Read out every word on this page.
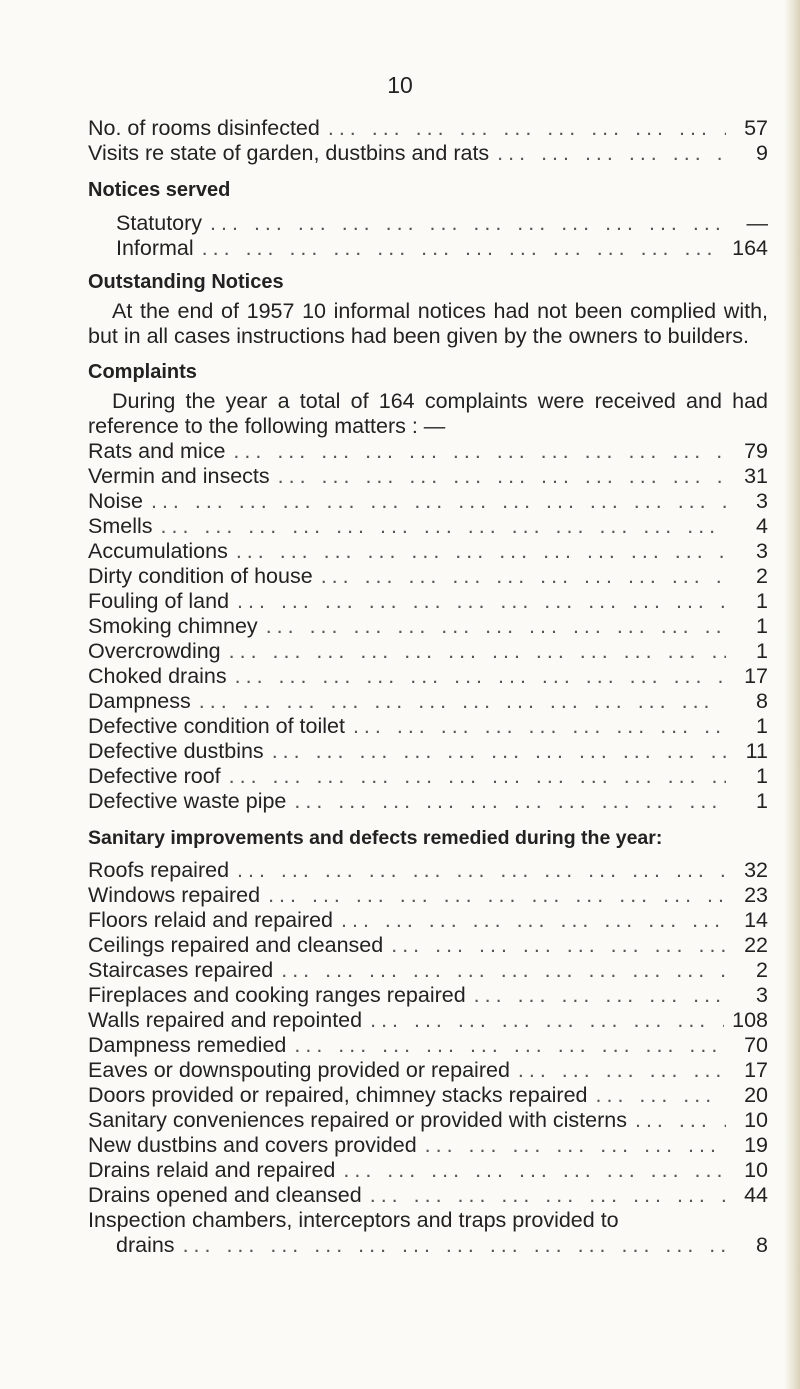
10
No. of rooms disinfected ... .	57
Visits re state of garden, dustbins and rats ... .	9
Notices served
Statutory ... .	—
Informal ... .	164
Outstanding Notices
At the end of 1957 10 informal notices had not been complied with, but in all cases instructions had been given by the owners to builders.
Complaints
During the year a total of 164 complaints were received and had reference to the following matters : —
Rats and mice ... .	79
Vermin and insects ... .	31
Noise ... .	3
Smells ... .	4
Accumulations ... .	3
Dirty condition of house ... .	2
Fouling of land ... .	1
Smoking chimney ... .	1
Overcrowding ... .	1
Choked drains ... .	17
Dampness ... .	8
Defective condition of toilet ... .	1
Defective dustbins ... .	11
Defective roof ... .	1
Defective waste pipe ... .	1
Sanitary improvements and defects remedied during the year:
Roofs repaired ... .	32
Windows repaired ... .	23
Floors relaid and repaired ... .	14
Ceilings repaired and cleansed ... .	22
Staircases repaired ... .	2
Fireplaces and cooking ranges repaired ... .	3
Walls repaired and repointed ... .	108
Dampness remedied ... .	70
Eaves or downspouting provided or repaired ... .	17
Doors provided or repaired, chimney stacks repaired ... .	20
Sanitary conveniences repaired or provided with cisterns ... .	10
New dustbins and covers provided ... .	19
Drains relaid and repaired ... .	10
Drains opened and cleansed ... .	44
Inspection chambers, interceptors and traps provided to
drains ... .	8
